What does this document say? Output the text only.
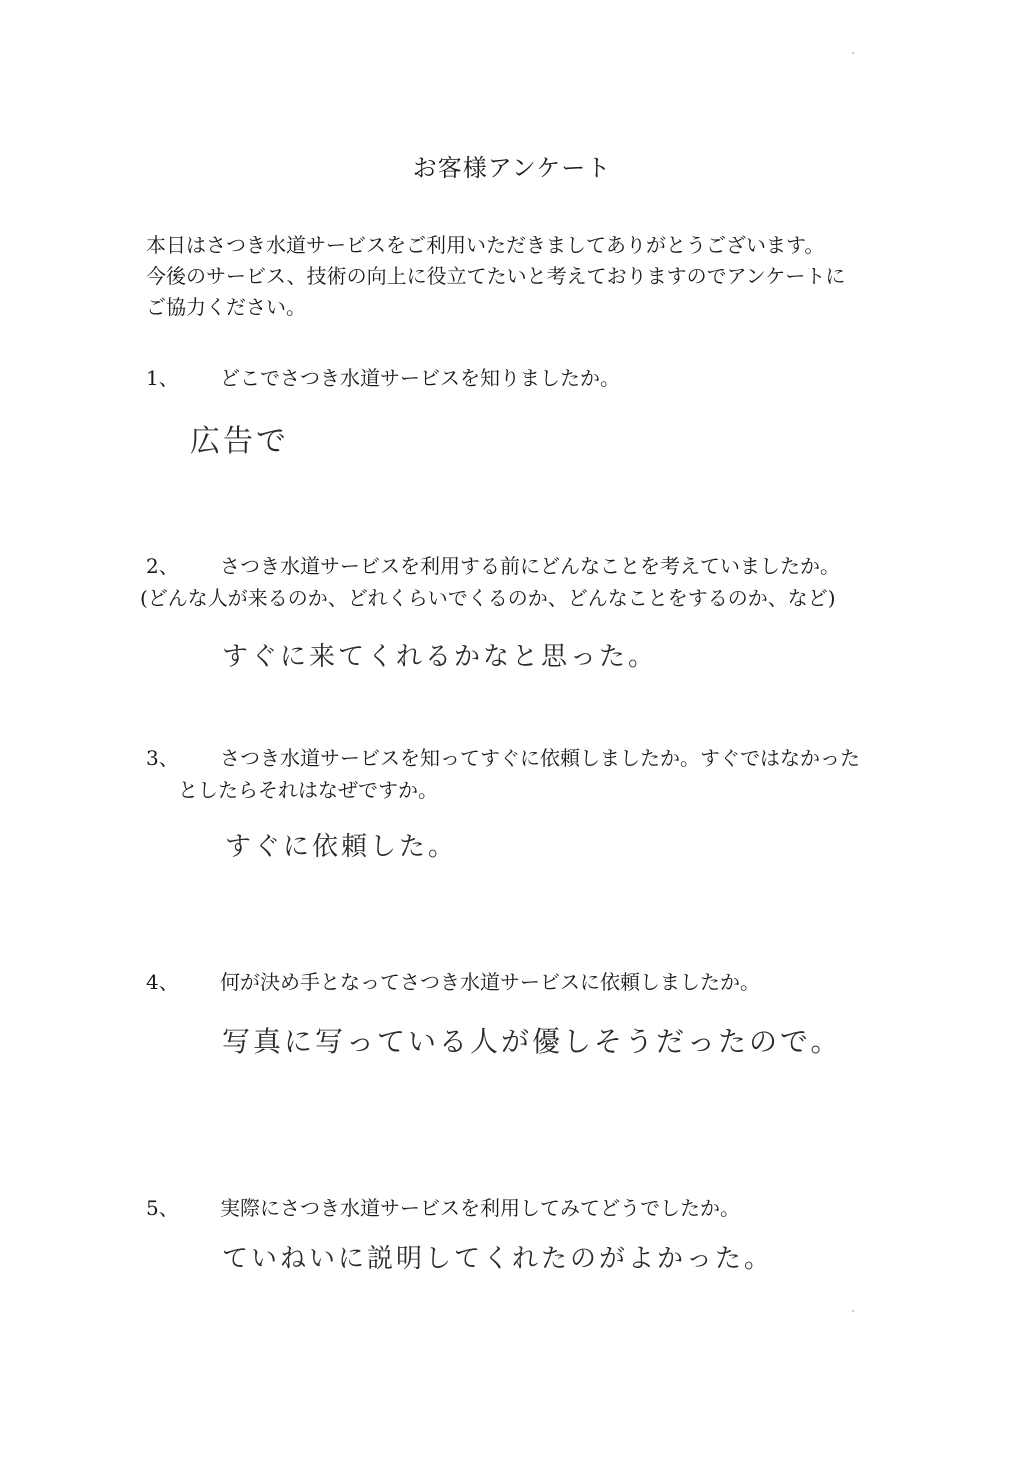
お客様アンケート

本日はさつき水道サービスをご利用いただきましてありがとうございます。

今後のサービス、技術の向上に役立てたいと考えておりますのでアンケートに

ご協力ください。

1、 どこでさつき水道サービスを知りましたか。
広告で
2、 さつき水道サービスを利用する前にどんなことを考えていましたか。
(どんな人が来るのか、どれくらいでくるのか、どんなことをするのか、など)
すぐに来てくれるかなと思った。
3、 さつき水道サービスを知ってすぐに依頼しましたか。すぐではなかった
としたらそれはなぜですか。
すぐに依頼した。
4、 何が決め手となってさつき水道サービスに依頼しましたか。
写真に写っている人が優しそうだったので。
5、 実際にさつき水道サービスを利用してみてどうでしたか。
ていねいに説明してくれたのがよかった。
